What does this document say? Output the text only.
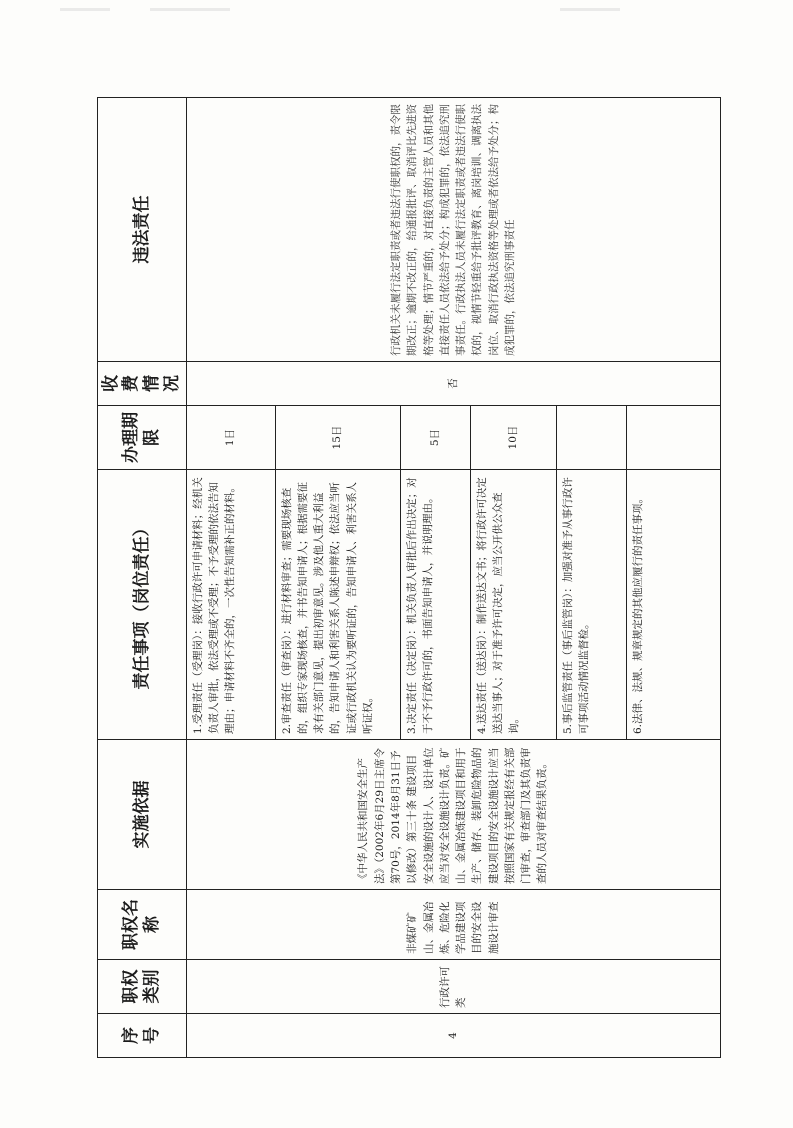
序号	职权类别	职权名称	实施依据	责任事项（岗位责任）	办理期限	收费情况	违法责任
4	行政许可类	非煤矿矿山、金属冶炼、危险化学品建设项目的安全设施设计审查	《中华人民共和国安全生产法》（2002年6月29日主席令第70号，2014年8月31日予以修改）第三十条 建设项目安全设施的设计人、设计单位应当对安全设施设计负责。矿山、金属冶炼建设项目和用于生产、储存、装卸危险物品的建设项目的安全设施设计应当按照国家有关规定报经有关部门审查，审查部门及其负责审查的人员对审查结果负责。	1.受理责任（受理岗）：接收行政许可申请材料；经机关负责人审批，依法受理或不受理；不予受理的依法告知理由；申请材料不齐全的，一次性告知需补正的材料。	1日	否	行政机关未履行法定职责或者违法行使职权的，责令限期改正；逾期不改正的，给通报批评、取消评比先进资格等处理；情节严重的，对直接负责的主管人员和其他直接责任人员依法给予处分；构成犯罪的，依法追究刑事责任。行政执法人员未履行法定职责或者违法行使职权的，视情节轻重给予批评教育、离岗培训、调离执法岗位、取消行政执法资格等处理或者依法给予处分；构成犯罪的，依法追究刑事责任
				2.审查责任（审查岗）：进行材料审查；需要现场核查的，组织专家现场核查，并书告知申请人；根据需要征求有关部门意见，提出初审意见。涉及他人重大利益的，告知申请人和利害关系人陈述申辩权；依法应当听证或行政机关认为要听证的，告知申请人、利害关系人听证权。	15日		
				3.决定责任（决定岗）：机关负责人审批后作出决定；对于不予行政许可的，书面告知申请人，并说明理由。	5日		
				4.送达责任（送达岗）：制作送达文书；将行政许可决定送达当事人；对于准予许可决定，应当公开供公众查询。	10日		
				5.事后监管责任（事后监管岗）：加强对准予从事行政许可事项活动情况监督检。			
				6.法律、法规、规章规定的其他应履行的责任事项。			
